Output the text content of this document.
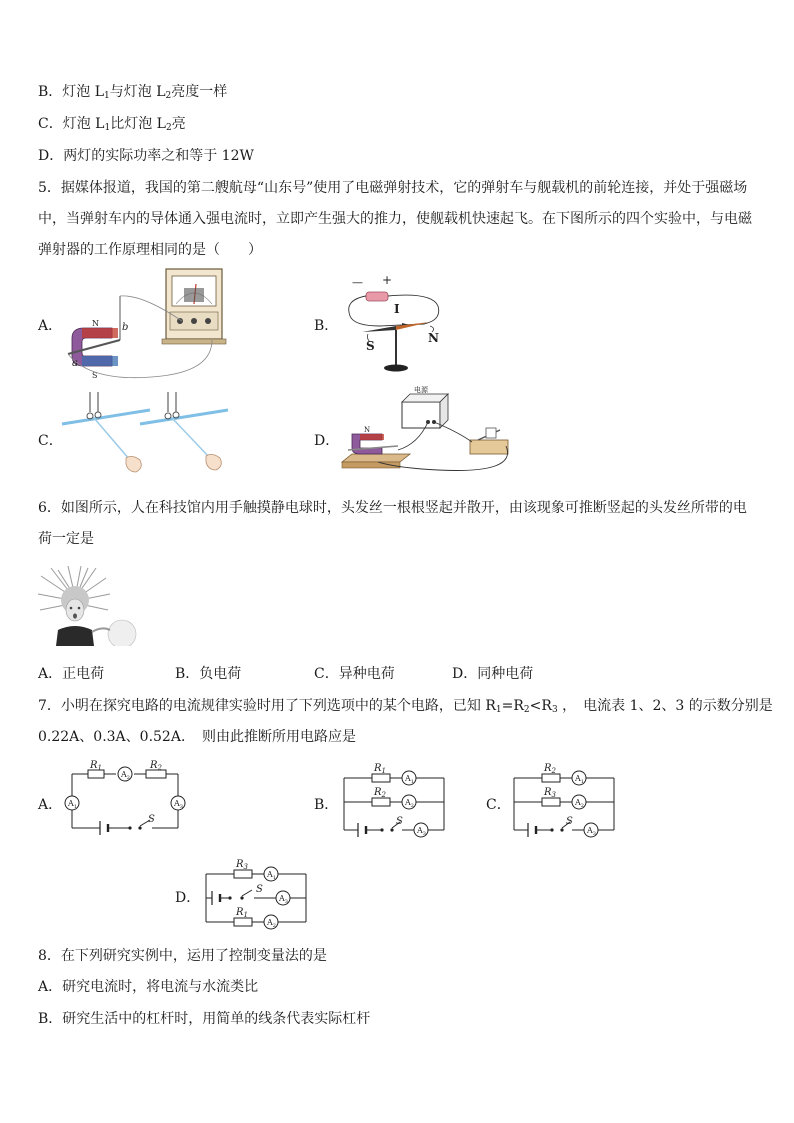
B．灯泡 $L_1$与灯泡 $L_2$亮度一样
C．灯泡 $L_1$比灯泡 $L_2$亮
D．两灯的实际功率之和等于 12W
5．据媒体报道，我国的第二艘航母“山东号”使用了电磁弹射技术，它的弹射车与舰载机的前轮连接，并处于强磁场中，当弹射车内的导体通入强电流时，立即产生强大的推力，使舰载机快速起飞。在下图所示的四个实验中，与电磁弹射器的工作原理相同的是（　　）
A．	N
S
b
a
B．
— +
I
S
N
C．	D．
电源
N
6．如图所示，人在科技馆内用手触摸静电球时，头发丝一根根竖起并散开，由该现象可推断竖起的头发丝所带的电荷一定是
A．正电荷	B．负电荷	C．异种电荷	D．同种电荷
7．小明在探究电路的电流规律实验时用了下列选项中的某个电路，已知 $R_1=R_2<R_3$ ，　电流表 1、2、3 的示数分别是
0.22A、0.3A、0.52A．　则由此推断所用电路应是
A．
$R_1$	$R_2$
$A_2$
$A_1$	$A_3$
S
B．
$R_1$
$R_2$
$A_1$
$A_2$
$A_3$
S
C．
$R_2$
$R_3$
$A_1$
$A_2$
$A_3$
S
D．
$R_3$
$R_1$
$A_1$
$A_3$
$A_2$
S
8．在下列研究实例中，运用了控制变量法的是
A．研究电流时，将电流与水流类比
B．研究生活中的杠杆时，用简单的线条代表实际杠杆
